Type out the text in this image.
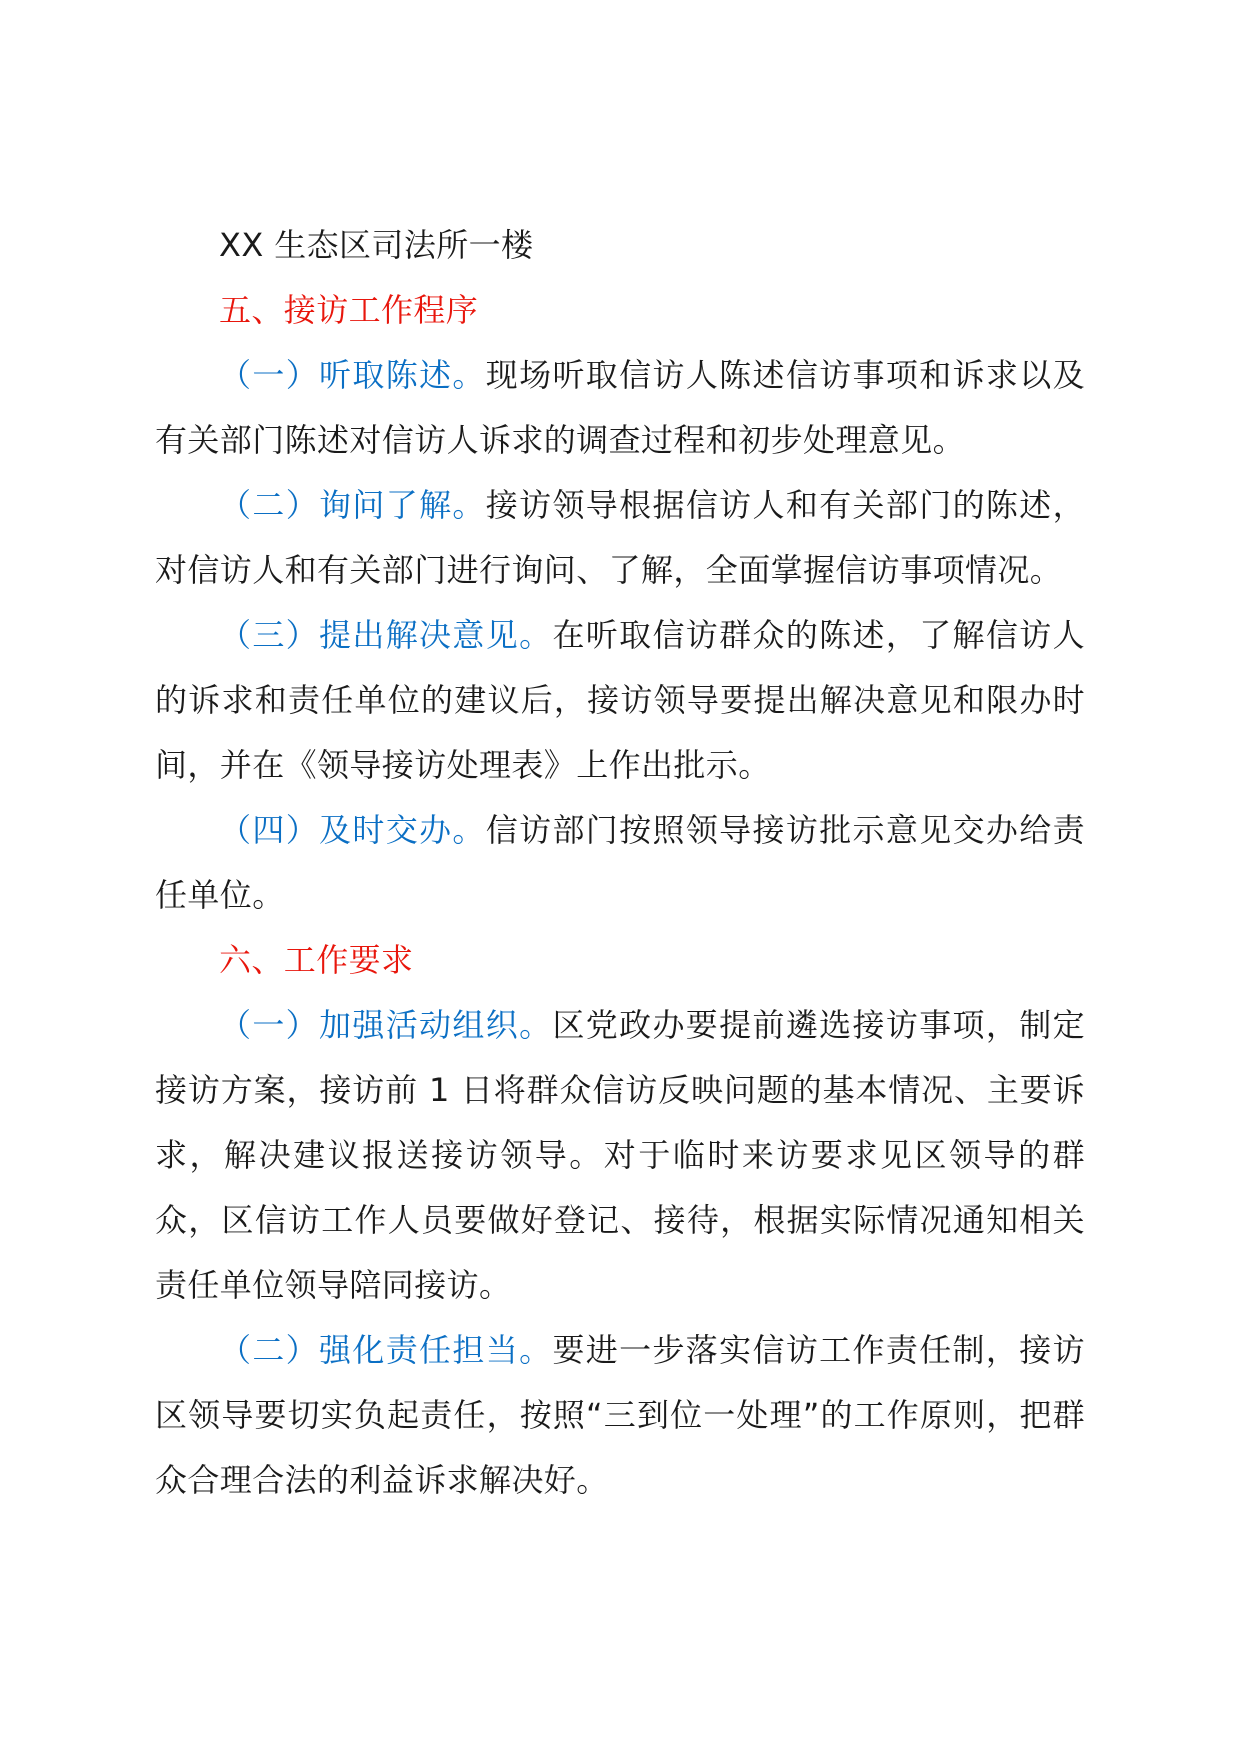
XX 生态区司法所一楼

五、接访工作程序

（一）听取陈述。现场听取信访人陈述信访事项和诉求以及有关部门陈述对信访人诉求的调查过程和初步处理意见。

（二）询问了解。接访领导根据信访人和有关部门的陈述，对信访人和有关部门进行询问、了解，全面掌握信访事项情况。

（三）提出解决意见。在听取信访群众的陈述，了解信访人的诉求和责任单位的建议后，接访领导要提出解决意见和限办时间，并在《领导接访处理表》上作出批示。

（四）及时交办。信访部门按照领导接访批示意见交办给责任单位。

六、工作要求

（一）加强活动组织。区党政办要提前遴选接访事项，制定接访方案，接访前 1 日将群众信访反映问题的基本情况、主要诉求，解决建议报送接访领导。对于临时来访要求见区领导的群众，区信访工作人员要做好登记、接待，根据实际情况通知相关责任单位领导陪同接访。

（二）强化责任担当。要进一步落实信访工作责任制，接访区领导要切实负起责任，按照“三到位一处理”的工作原则，把群众合理合法的利益诉求解决好。
